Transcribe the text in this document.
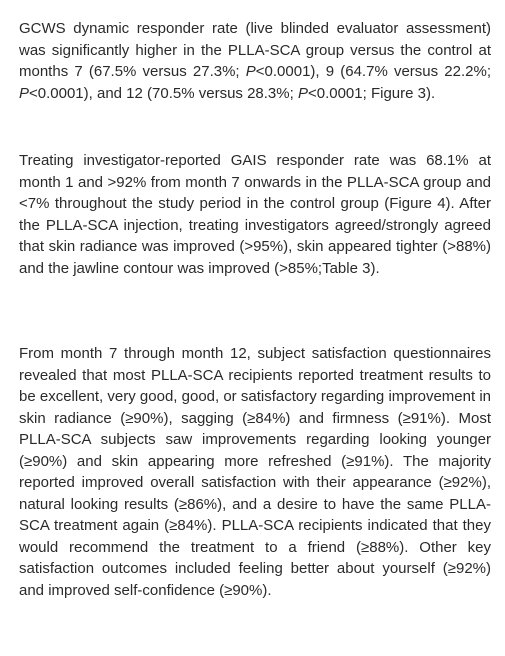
GCWS dynamic responder rate (live blinded evaluator assessment) was significantly higher in the PLLA-SCA group versus the control at months 7 (67.5% versus 27.3%; P<0.0001), 9 (64.7% versus 22.2%; P<0.0001), and 12 (70.5% versus 28.3%; P<0.0001; Figure 3).

Treating investigator-reported GAIS responder rate was 68.1% at month 1 and >92% from month 7 onwards in the PLLA-SCA group and <7% throughout the study period in the control group (Figure 4). After the PLLA-SCA injection, treating investigators agreed/strongly agreed that skin radiance was improved (>95%), skin appeared tighter (>88%) and the jawline contour was improved (>85%;Table 3).

From month 7 through month 12, subject satisfaction questionnaires revealed that most PLLA-SCA recipients reported treatment results to be excellent, very good, good, or satisfactory regarding improvement in skin radiance (≥90%), sagging (≥84%) and firmness (≥91%). Most PLLA-SCA subjects saw improvements regarding looking younger (≥90%) and skin appearing more refreshed (≥91%). The majority reported improved overall satisfaction with their appearance (≥92%), natural looking results (≥86%), and a desire to have the same PLLA-SCA treatment again (≥84%). PLLA-SCA recipients indicated that they would recommend the treatment to a friend (≥88%). Other key satisfaction outcomes included feeling better about yourself (≥92%) and improved self-confidence (≥90%).
